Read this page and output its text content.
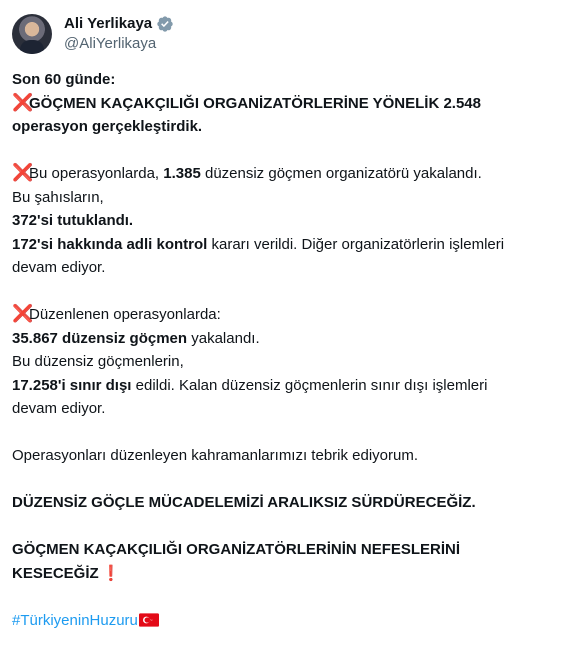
Ali Yerlikaya
@AliYerlikaya
Son 60 günde:
❌GÖÇMEN KAÇAKÇILIĞI ORGANİZATÖRLERİNE YÖNELİK 2.548
operasyon gerçekleştirdik.
❌Bu operasyonlarda, 1.385 düzensiz göçmen organizatörü yakalandı.
Bu şahısların,
372'si tutuklandı.
172'si hakkında adli kontrol kararı verildi. Diğer organizatörlerin işlemleri
devam ediyor.
❌Düzenlenen operasyonlarda:
35.867 düzensiz göçmen yakalandı.
Bu düzensiz göçmenlerin,
17.258'i sınır dışı edildi. Kalan düzensiz göçmenlerin sınır dışı işlemleri
devam ediyor.
Operasyonları düzenleyen kahramanlarımızı tebrik ediyorum.
DÜZENSİZ GÖÇLE MÜCADELEMİZİ ARALIKSIZ SÜRDÜRECEĞİZ.
GÖÇMEN KAÇAKÇILIĞI ORGANİZATÖRLERİNİN NEFESLERİNİ
KESECEĞİZ ❗
#TürkiyeninHuzuru
